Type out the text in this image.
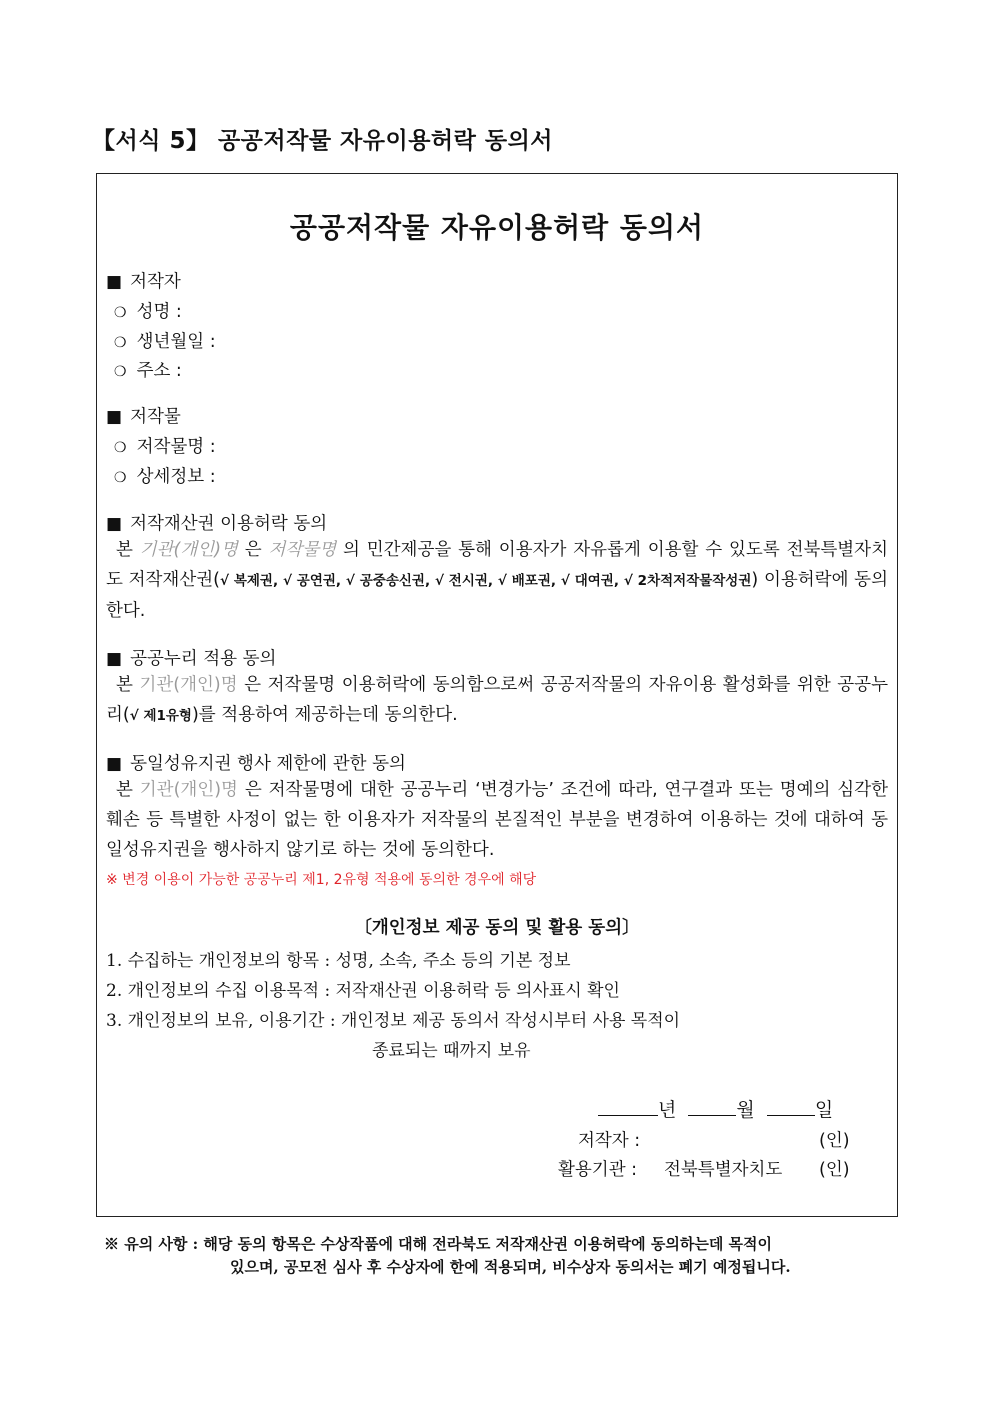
【서식 5】 공공저작물 자유이용허락 동의서
공공저작물 자유이용허락 동의서
■ 저작자
❍ 성명 :
❍ 생년월일 :
❍ 주소 :
■ 저작물
❍ 저작물명 :
❍ 상세정보 :
■ 저작재산권 이용허락 동의
본 기관(개인)명 은 저작물명 의 민간제공을 통해 이용자가 자유롭게 이용할 수 있도록 전북특별자치도 저작재산권(√ 복제권, √ 공연권, √ 공중송신권, √ 전시권, √ 배포권, √ 대여권, √ 2차적저작물작성권) 이용허락에 동의한다.
■ 공공누리 적용 동의
본 기관(개인)명 은 저작물명 이용허락에 동의함으로써 공공저작물의 자유이용 활성화를 위한 공공누리(√ 제1유형)를 적용하여 제공하는데 동의한다.
■ 동일성유지권 행사 제한에 관한 동의
본 기관(개인)명 은 저작물명에 대한 공공누리 ‘변경가능’ 조건에 따라, 연구결과 또는 명예의 심각한 훼손 등 특별한 사정이 없는 한 이용자가 저작물의 본질적인 부분을 변경하여 이용하는 것에 대하여 동일성유지권을 행사하지 않기로 하는 것에 동의한다.
※ 변경 이용이 가능한 공공누리 제1, 2유형 적용에 동의한 경우에 해당
〔개인정보 제공 동의 및 활용 동의〕
1. 수집하는 개인정보의 항목 : 성명, 소속, 주소 등의 기본 정보
2. 개인정보의 수집 이용목적 : 저작재산권 이용허락 등 의사표시 확인
3. 개인정보의 보유, 이용기간 : 개인정보 제공 동의서 작성시부터 사용 목적이
종료되는 때까지 보유
년	월	일
저작자 :	(인)
활용기관 : 전북특별자치도 (인)
※ 유의 사항 : 해당 동의 항목은 수상작품에 대해 전라북도 저작재산권 이용허락에 동의하는데 목적이
있으며, 공모전 심사 후 수상자에 한에 적용되며, 비수상자 동의서는 폐기 예정됩니다.
